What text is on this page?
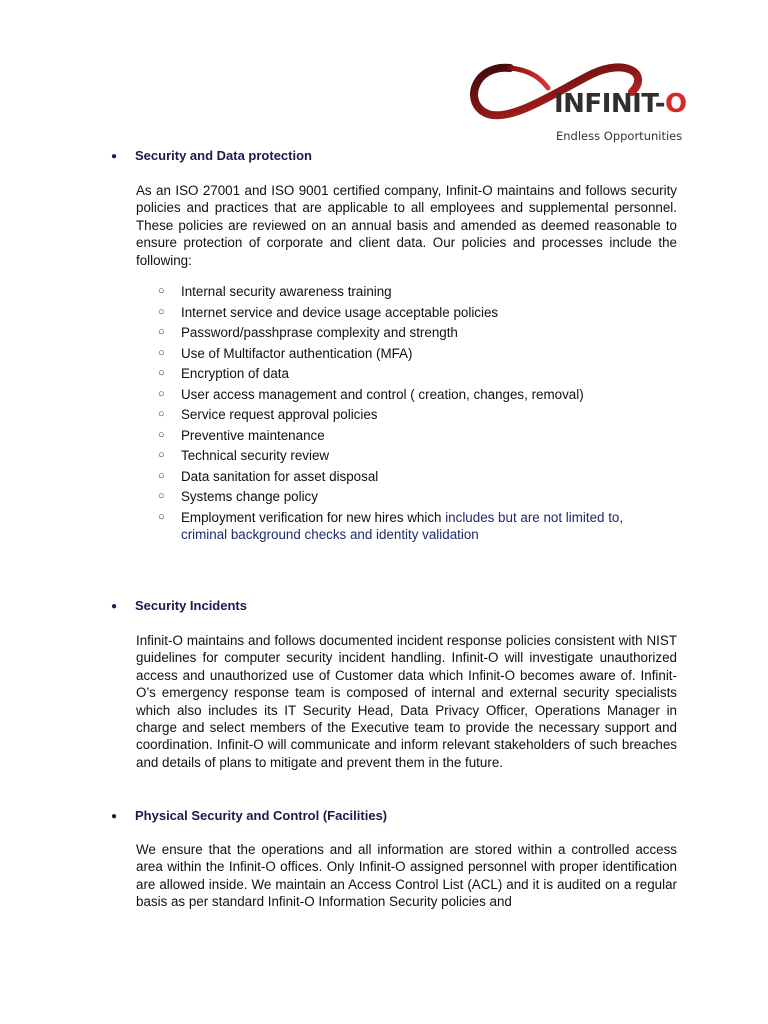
INFINIT-O
Endless Opportunities
● Security and Data protection

As an ISO 27001 and ISO 9001 certified company, Infinit-O maintains and follows security policies and practices that are applicable to all employees and supplemental personnel. These policies are reviewed on an annual basis and amended as deemed reasonable to ensure protection of corporate and client data. Our policies and processes include the following:

○ Internal security awareness training
○ Internet service and device usage acceptable policies
○ Password/passhprase complexity and strength
○ Use of Multifactor authentication (MFA)
○ Encryption of data
○ User access management and control ( creation, changes, removal)
○ Service request approval policies
○ Preventive maintenance
○ Technical security review
○ Data sanitation for asset disposal
○ Systems change policy
○ Employment verification for new hires which includes but are not limited to, criminal background checks and identity validation
● Security Incidents

Infinit-O maintains and follows documented incident response policies consistent with NIST guidelines for computer security incident handling. Infinit-O will investigate unauthorized access and unauthorized use of Customer data which Infinit-O becomes aware of. Infinit-O’s emergency response team is composed of internal and external security specialists which also includes its IT Security Head, Data Privacy Officer, Operations Manager in charge and select members of the Executive team to provide the necessary support and coordination. Infinit-O will communicate and inform relevant stakeholders of such breaches and details of plans to mitigate and prevent them in the future.

● Physical Security and Control (Facilities)

We ensure that the operations and all information are stored within a controlled access area within the Infinit-O offices. Only Infinit-O assigned personnel with proper identification are allowed inside. We maintain an Access Control List (ACL) and it is audited on a regular basis as per standard Infinit-O Information Security policies and
